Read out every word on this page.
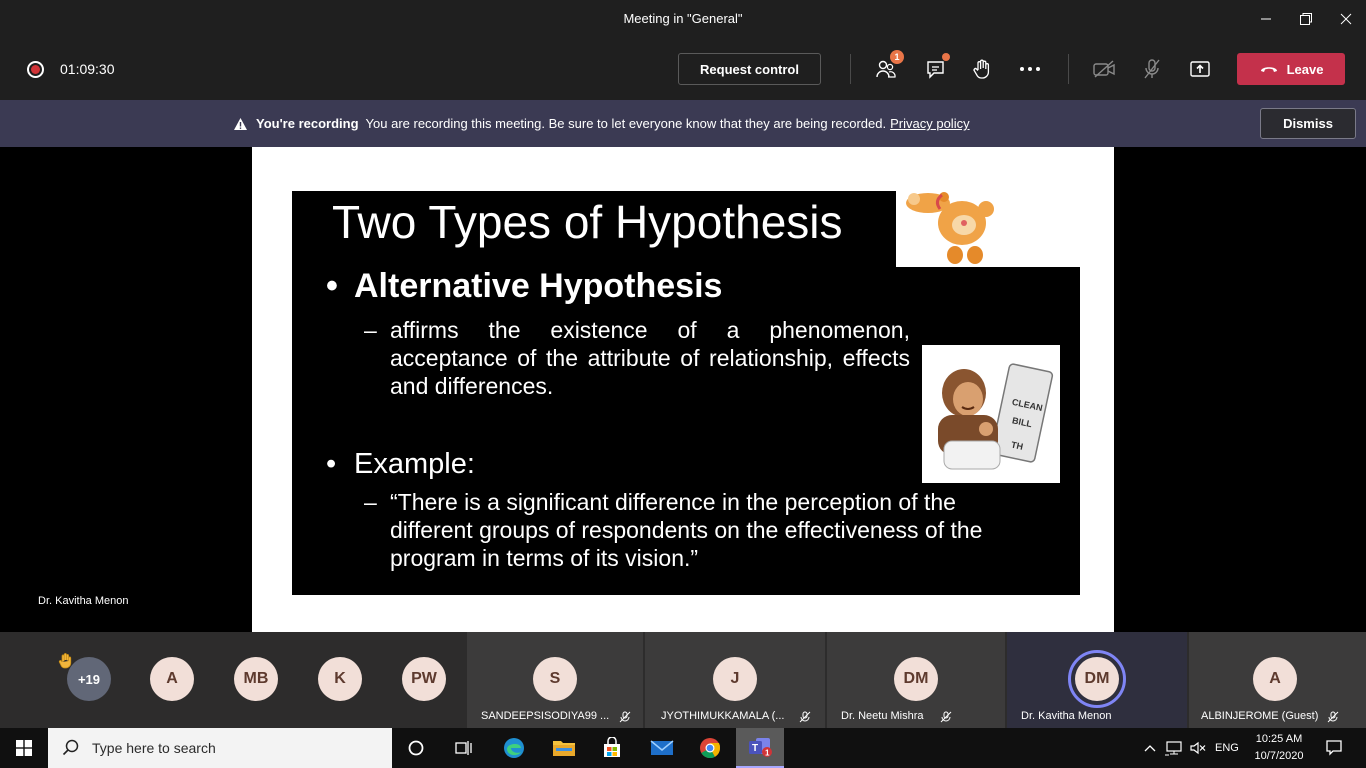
Meeting in "General"
01:09:30	Request control
1
Leave
You're recording You are recording this meeting. Be sure to let everyone know that they are being recorded. Privacy policy	Dismiss
Two Types of Hypothesis
• Alternative Hypothesis
– affirms the existence of a phenomenon, acceptance of the attribute of relationship, effects and differences.
CLEAN
BILL
TH
• Example:
– “There is a significant difference in the perception of the different groups of respondents on the effectiveness of the program in terms of its vision.”
Dr. Kavitha Menon
+19	A	MB	K	PW	S
SANDEEPSISODIYA99 ...
J
JYOTHIMUKKAMALA (...
DM
Dr. Neetu Mishra
DM
Dr. Kavitha Menon
A
ALBINJEROME (Guest)
Type here to search	T 1	ENG
10:25 AM
10/7/2020
